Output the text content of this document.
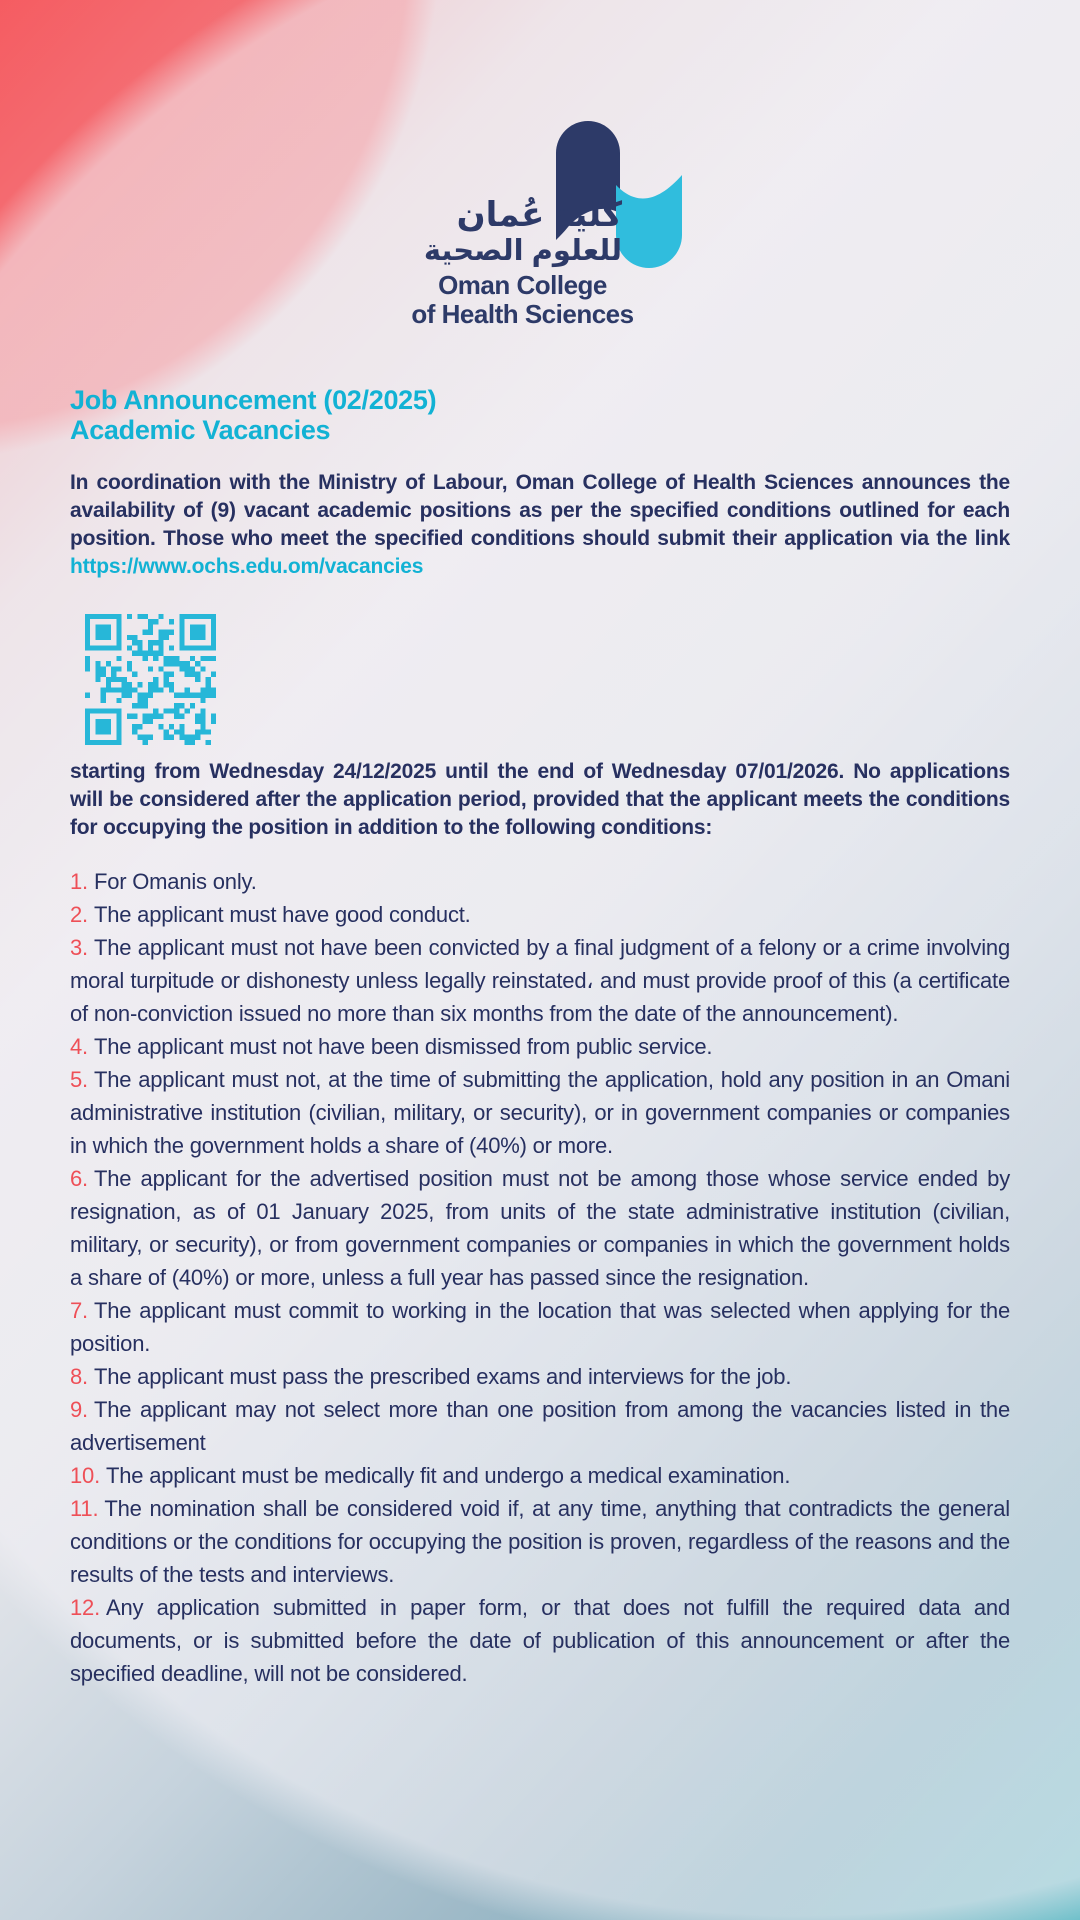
كلية عُمان
للعلوم الصحية
Oman College
of Health Sciences
Job Announcement (02/2025)
Academic Vacancies
In coordination with the Ministry of Labour, Oman College of Health Sciences announces the availability of (9) vacant academic positions as per the specified conditions outlined for each position. Those who meet the specified conditions should submit their application via the link https://www.ochs.edu.om/vacancies
starting from Wednesday 24/12/2025 until the end of Wednesday 07/01/2026. No applications will be considered after the application period, provided that the applicant meets the conditions for occupying the position in addition to the following conditions:
1. For Omanis only.
2. The applicant must have good conduct.
3. The applicant must not have been convicted by a final judgment of a felony or a crime involving moral turpitude or dishonesty unless legally reinstated، and must provide proof of this (a certificate of non-conviction issued no more than six months from the date of the announcement).
4. The applicant must not have been dismissed from public service.
5. The applicant must not, at the time of submitting the application, hold any position in an Omani administrative institution (civilian, military, or security), or in government companies or companies in which the government holds a share of (40%) or more.
6. The applicant for the advertised position must not be among those whose service ended by resignation, as of 01 January 2025, from units of the state administrative institution (civilian, military, or security), or from government companies or companies in which the government holds a share of (40%) or more, unless a full year has passed since the resignation.
7. The applicant must commit to working in the location that was selected when applying for the position.
8. The applicant must pass the prescribed exams and interviews for the job.
9. The applicant may not select more than one position from among the vacancies listed in the advertisement
10. The applicant must be medically fit and undergo a medical examination.
11. The nomination shall be considered void if, at any time, anything that contradicts the general conditions or the conditions for occupying the position is proven, regardless of the reasons and the results of the tests and interviews.
12. Any application submitted in paper form, or that does not fulfill the required data and documents, or is submitted before the date of publication of this announcement or after the specified deadline, will not be considered.
